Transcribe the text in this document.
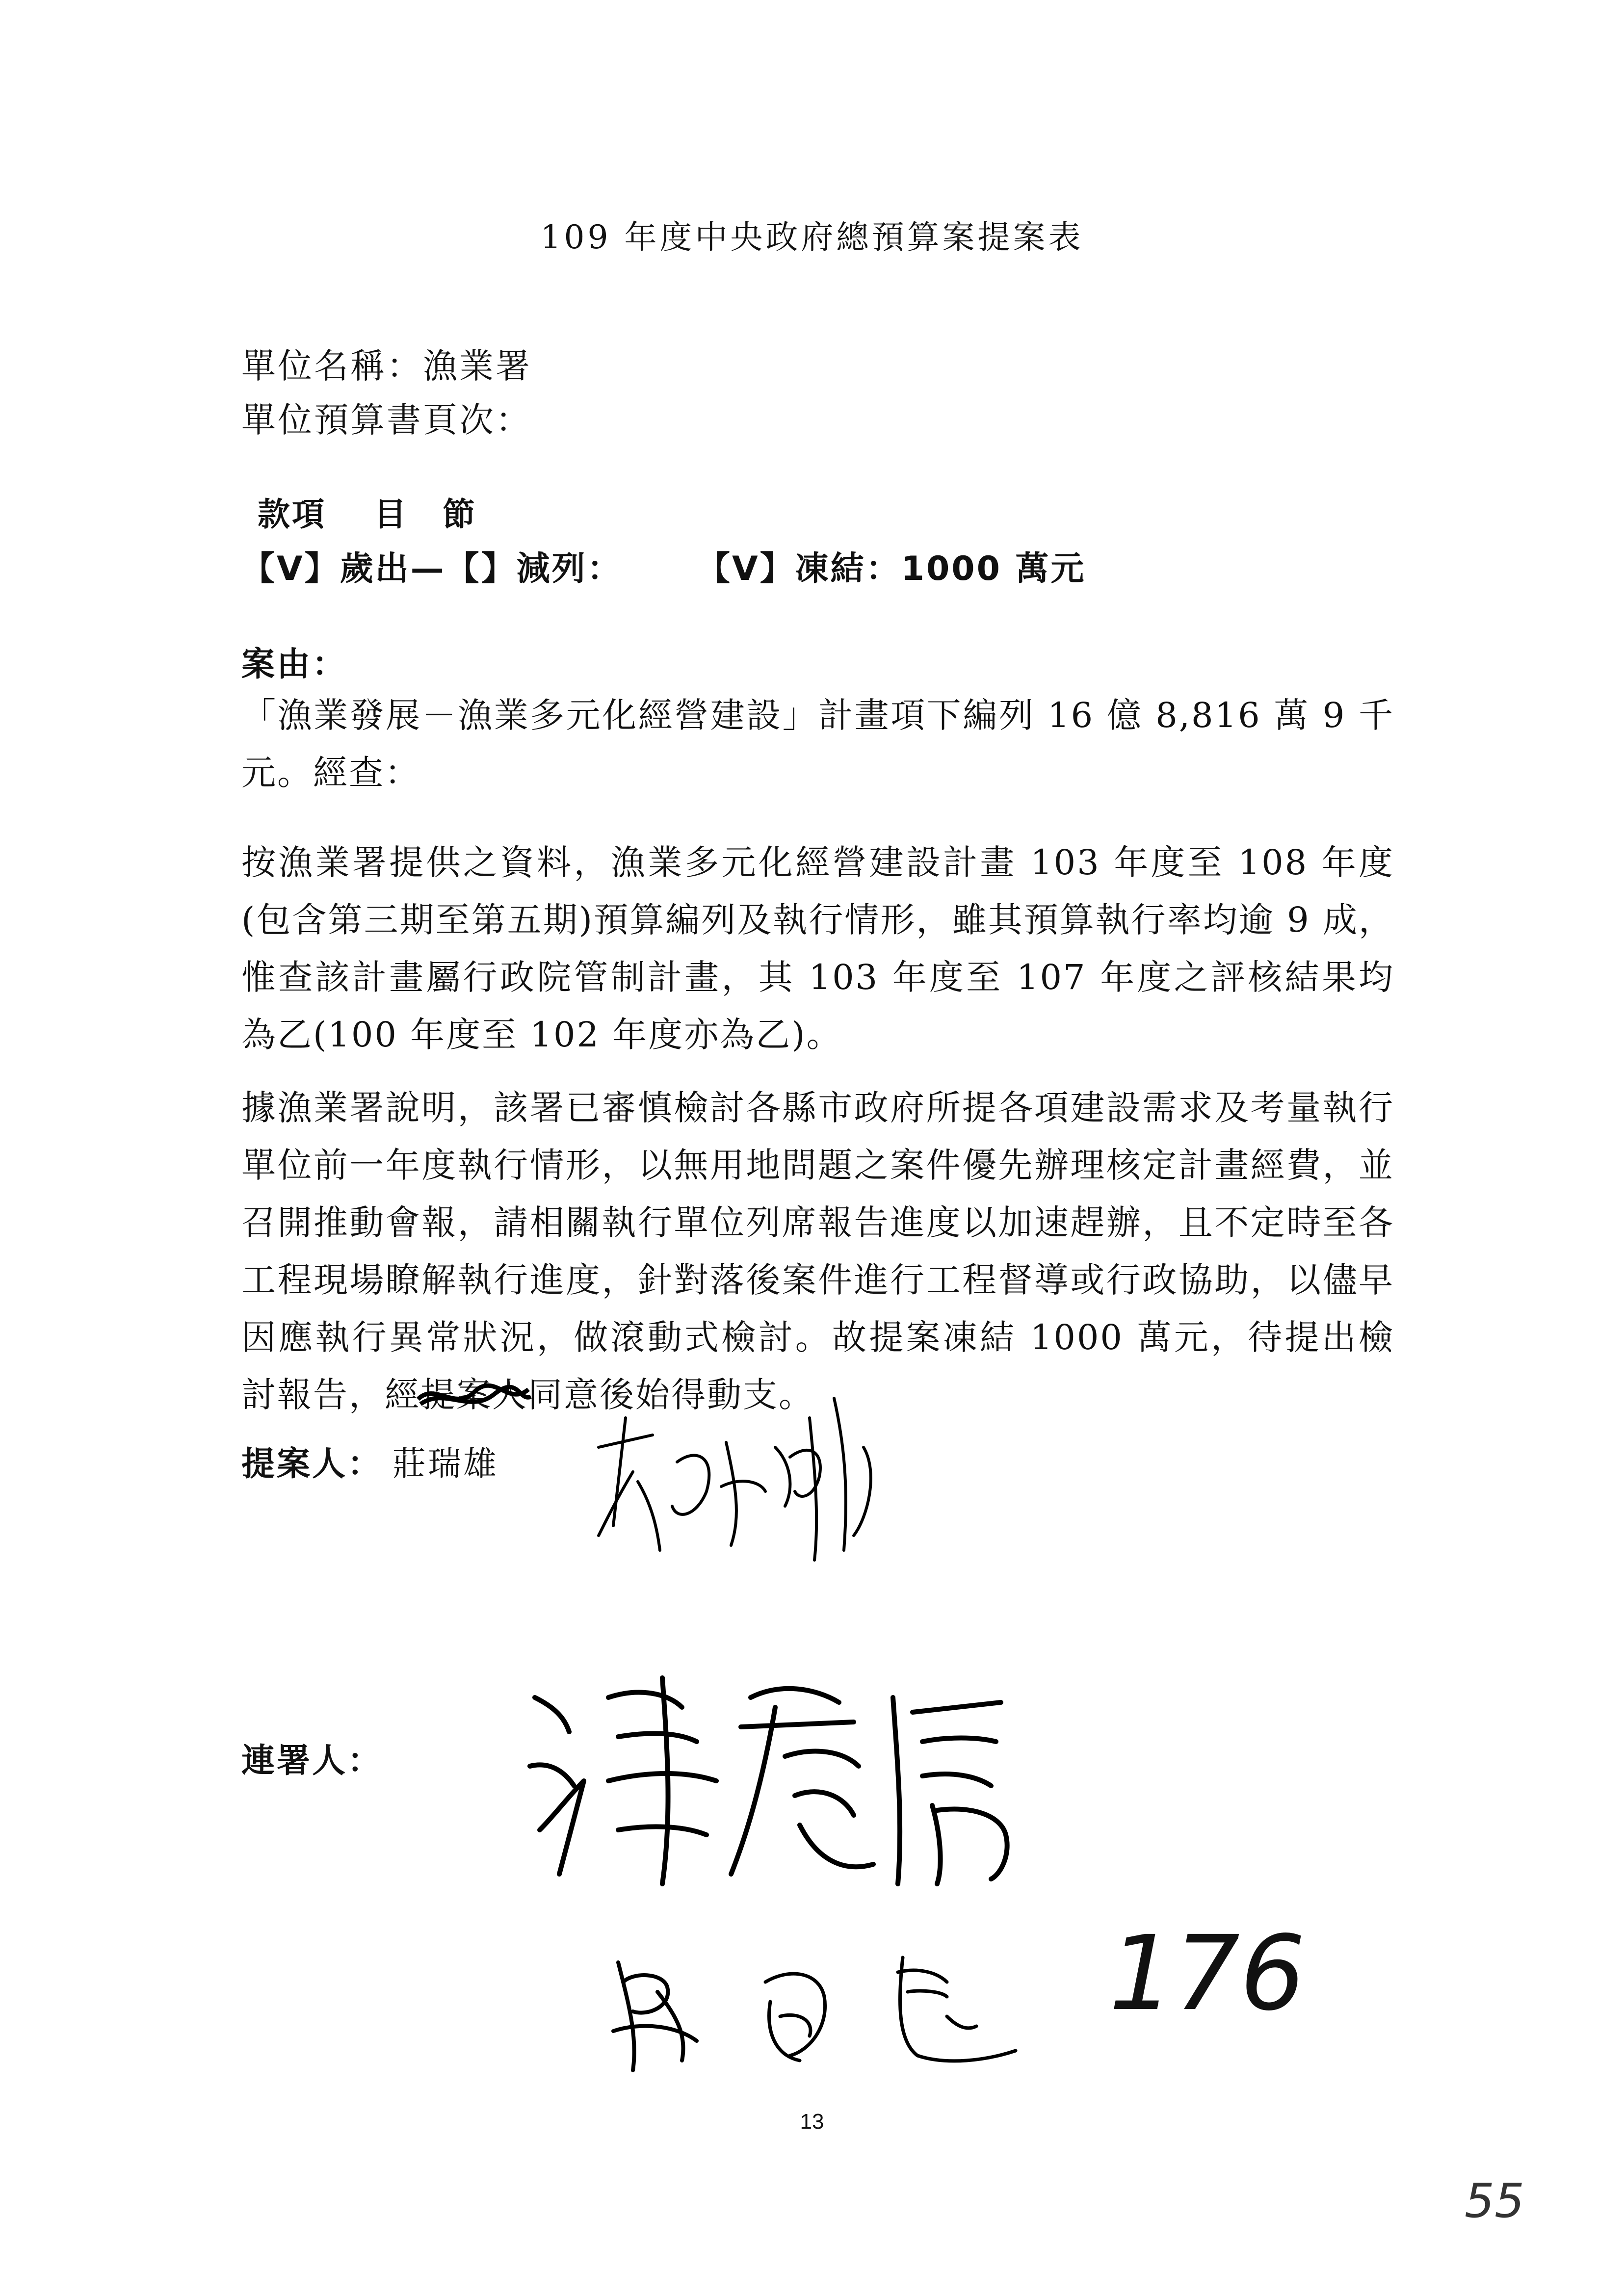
109 年度中央政府總預算案提案表
單位名稱：漁業署
單位預算書頁次：
款項　 目　節
【V】歲出—【】減列： 【V】凍結：1000 萬元
案由：
「漁業發展－漁業多元化經營建設」計畫項下編列 16 億 8,816 萬 9 千元。經查：
按漁業署提供之資料，漁業多元化經營建設計畫 103 年度至 108 年度(包含第三期至第五期)預算編列及執行情形，雖其預算執行率均逾 9 成，惟查該計畫屬行政院管制計畫，其 103 年度至 107 年度之評核結果均為乙(100 年度至 102 年度亦為乙)。
據漁業署說明，該署已審慎檢討各縣市政府所提各項建設需求及考量執行單位前一年度執行情形，以無用地問題之案件優先辦理核定計畫經費，並召開推動會報，請相關執行單位列席報告進度以加速趕辦，且不定時至各工程現場瞭解執行進度，針對落後案件進行工程督導或行政協助，以儘早因應執行異常狀況，做滾動式檢討。故提案凍結 1000 萬元，待提出檢討報告，經提案人
同意後始得動支。
提案人： 莊瑞雄
連署人：
176
13
55
